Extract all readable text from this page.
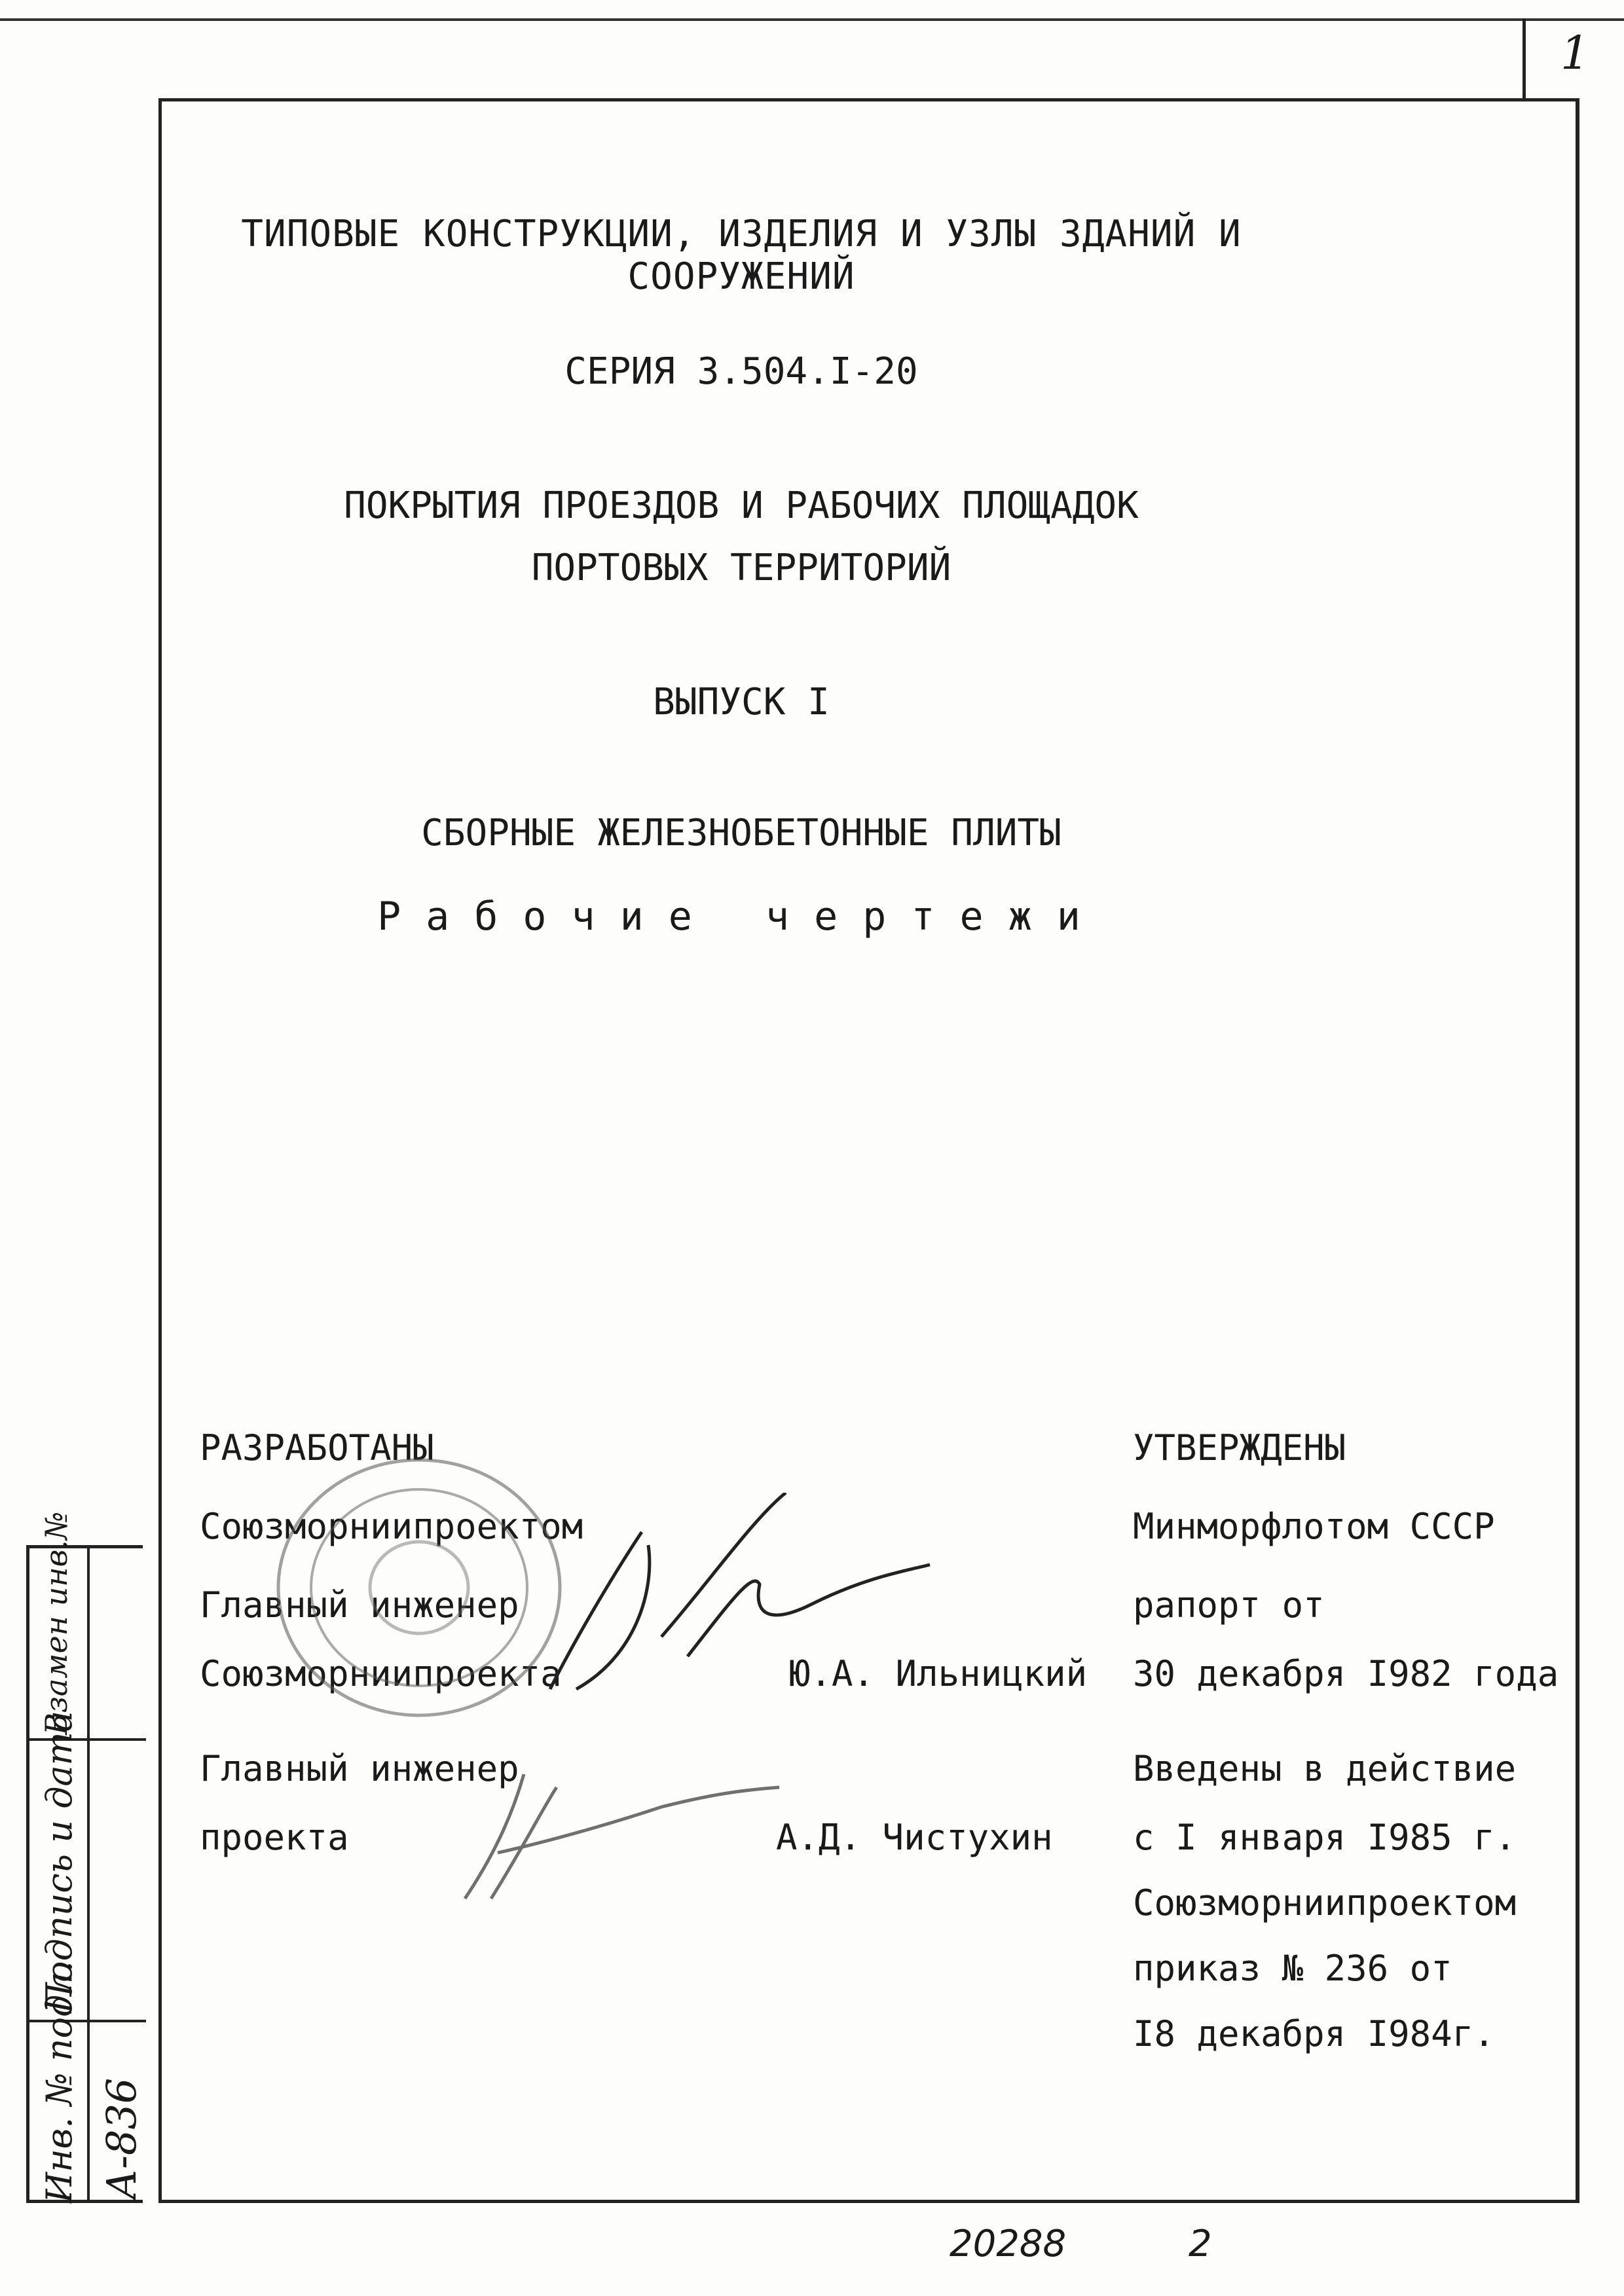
1
ТИПОВЫЕ КОНСТРУКЦИИ, ИЗДЕЛИЯ И УЗЛЫ ЗДАНИЙ И СООРУЖЕНИЙ
СЕРИЯ 3.504.I-20
ПОКРЫТИЯ ПРОЕЗДОВ И РАБОЧИХ ПЛОЩАДОК
ПОРТОВЫХ ТЕРРИТОРИЙ
ВЫПУСК I
СБОРНЫЕ ЖЕЛЕЗНОБЕТОННЫЕ ПЛИТЫ
Рабочие чертежи
РАЗРАБОТАНЫ
Союзморниипроектом
Главный инженер
Союзморниипроекта	Ю.А. Ильницкий
Главный инженер
проекта	А.Д. Чистухин
УТВЕРЖДЕНЫ
Минморфлотом СССР
рапорт от
30 декабря I982 года
Введены в действие
с I января I985 г.
Союзморниипроектом
приказ № 236 от
I8 декабря I984г.
Инв. № подл.
Подпись и дата
Взамен инв.№
А-836
20288	2
